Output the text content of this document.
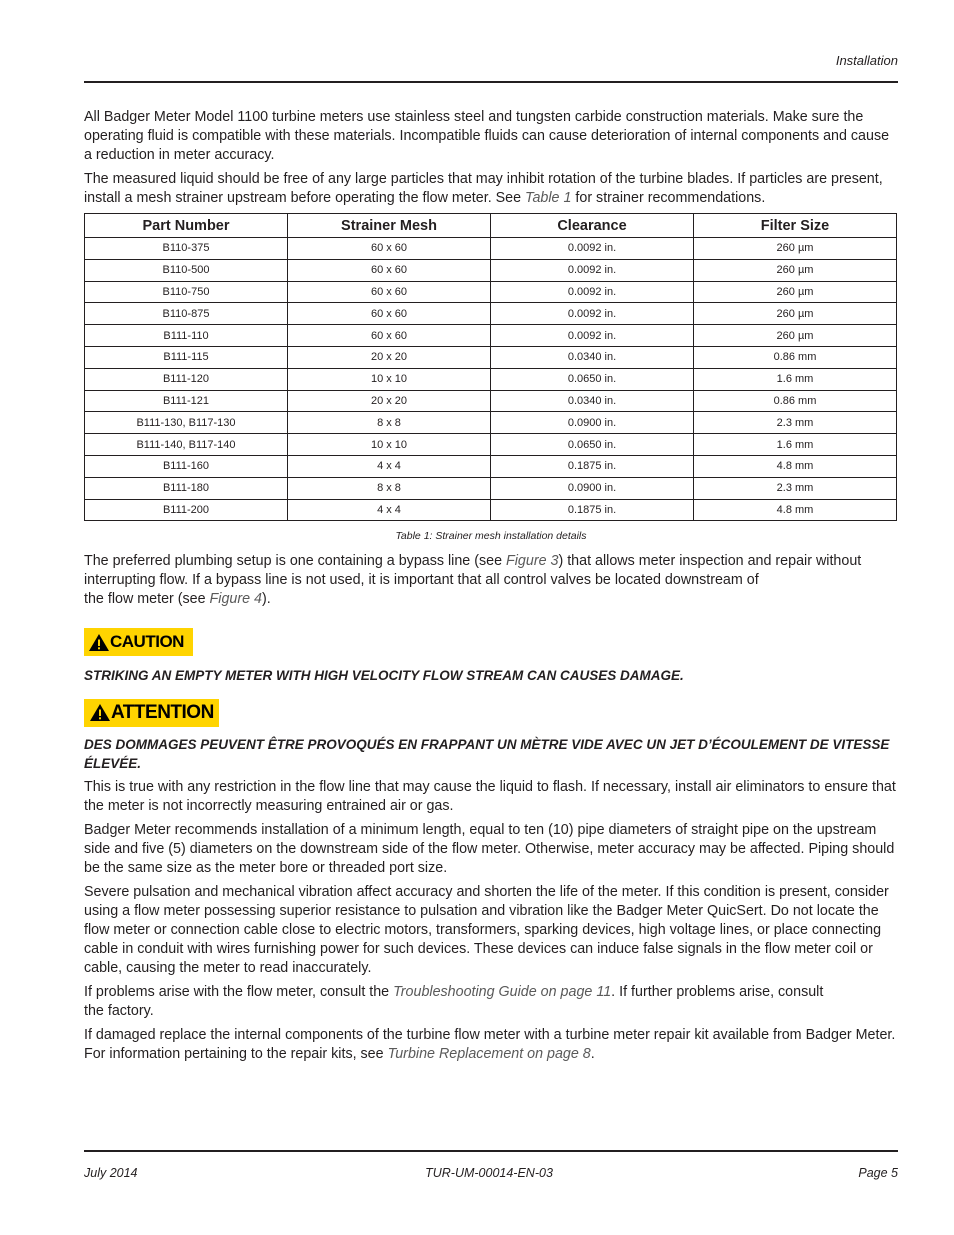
Installation

All Badger Meter Model 1100 turbine meters use stainless steel and tungsten carbide construction materials. Make sure the operating fluid is compatible with these materials. Incompatible fluids can cause deterioration of internal components and cause a reduction in meter accuracy.

The measured liquid should be free of any large particles that may inhibit rotation of the turbine blades. If particles are present, install a mesh strainer upstream before operating the flow meter. See Table 1 for strainer recommendations.

Part Number	Strainer Mesh	Clearance	Filter Size
B110-375	60 x 60	0.0092 in.	260 µm
B110-500	60 x 60	0.0092 in.	260 µm
B110-750	60 x 60	0.0092 in.	260 µm
B110-875	60 x 60	0.0092 in.	260 µm
B111-110	60 x 60	0.0092 in.	260 µm
B111-115	20 x 20	0.0340 in.	0.86 mm
B111-120	10 x 10	0.0650 in.	1.6 mm
B111-121	20 x 20	0.0340 in.	0.86 mm
B111-130, B117-130	8 x 8	0.0900 in.	2.3 mm
B111-140, B117-140	10 x 10	0.0650 in.	1.6 mm
B111-160	4 x 4	0.1875 in.	4.8 mm
B111-180	8 x 8	0.0900 in.	2.3 mm
B111-200	4 x 4	0.1875 in.	4.8 mm
Table 1: Strainer mesh installation details

The preferred plumbing setup is one containing a bypass line (see Figure 3) that allows meter inspection and repair without interrupting flow. If a bypass line is not used, it is important that all control valves be located downstream of
the flow meter (see Figure 4).

CAUTION
STRIKING AN EMPTY METER WITH HIGH VELOCITY FLOW STREAM CAN CAUSES DAMAGE.
ATTENTION
DES DOMMAGES PEUVENT ÊTRE PROVOQUÉS EN FRAPPANT UN MÈTRE VIDE AVEC UN JET D’ÉCOULEMENT DE VITESSE ÉLEVÉE.

This is true with any restriction in the flow line that may cause the liquid to flash. If necessary, install air eliminators to ensure that the meter is not incorrectly measuring entrained air or gas.

Badger Meter recommends installation of a minimum length, equal to ten (10) pipe diameters of straight pipe on the upstream side and five (5) diameters on the downstream side of the flow meter. Otherwise, meter accuracy may be affected. Piping should be the same size as the meter bore or threaded port size.

Severe pulsation and mechanical vibration affect accuracy and shorten the life of the meter. If this condition is present, consider using a flow meter possessing superior resistance to pulsation and vibration like the Badger Meter QuicSert. Do not locate the flow meter or connection cable close to electric motors, transformers, sparking devices, high voltage lines, or place connecting cable in conduit with wires furnishing power for such devices. These devices can induce false signals in the flow meter coil or cable, causing the meter to read inaccurately.

If problems arise with the flow meter, consult the Troubleshooting Guide on page 11. If further problems arise, consult
the factory.

If damaged replace the internal components of the turbine flow meter with a turbine meter repair kit available from Badger Meter. For information pertaining to the repair kits, see Turbine Replacement on page 8.

July 2014	TUR-UM-00014-EN-03	Page 5
